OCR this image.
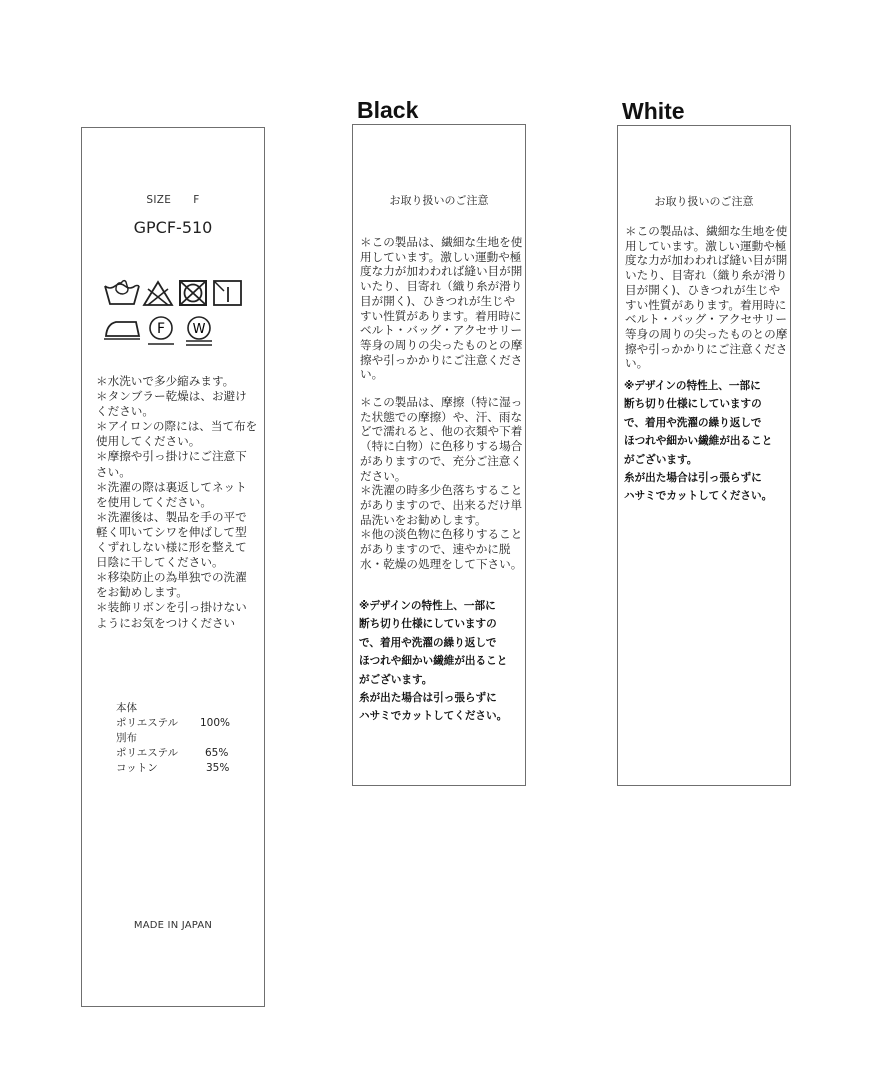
SIZE F
GPCF-510
F W

＊水洗いで多少縮みます。

＊タンブラー乾燥は、お避けください。

＊アイロンの際には、当て布を使用してください。

＊摩擦や引っ掛けにご注意下さい。

＊洗濯の際は裏返してネットを使用してください。

＊洗濯後は、製品を手の平で軽く叩いてシワを伸ばして型くずれしない様に形を整えて日陰に干してください。

＊移染防止の為単独での洗濯をお勧めします。

＊装飾リボンを引っ掛けないようにお気をつけください

本体
ポリエステル 100%
別布
ポリエステル	65%
コットン	35%
MADE IN JAPAN
Black
お取り扱いのご注意

＊この製品は、繊細な生地を使用しています。激しい運動や極度な力が加わわれば縫い目が開いたり、目寄れ（織り糸が滑り目が開く)、ひきつれが生じやすい性質があります。着用時にベルト・バッグ・アクセサリー等身の周りの尖ったものとの摩擦や引っかかりにご注意ください。

＊この製品は、摩擦（特に湿った状態での摩擦）や、汗、雨などで濡れると、他の衣類や下着（特に白物）に色移りする場合がありますので、充分ご注意ください。

＊洗濯の時多少色落ちすることがありますので、出来るだけ単品洗いをお勧めします。

＊他の淡色物に色移りすることがありますので、速やかに脱水・乾燥の処理をして下さい。

※デザインの特性上、一部に

断ち切り仕様にしていますの

で、着用や洗濯の繰り返しで

ほつれや細かい繊維が出ること

がございます。

糸が出た場合は引っ張らずに

ハサミでカットしてください。

White
お取り扱いのご注意

＊この製品は、繊細な生地を使用しています。激しい運動や極度な力が加わわれば縫い目が開いたり、目寄れ（織り糸が滑り目が開く)、ひきつれが生じやすい性質があります。着用時にベルト・バッグ・アクセサリー等身の周りの尖ったものとの摩擦や引っかかりにご注意ください。

※デザインの特性上、一部に

断ち切り仕様にしていますの

で、着用や洗濯の繰り返しで

ほつれや細かい繊維が出ること

がございます。

糸が出た場合は引っ張らずに

ハサミでカットしてください。
